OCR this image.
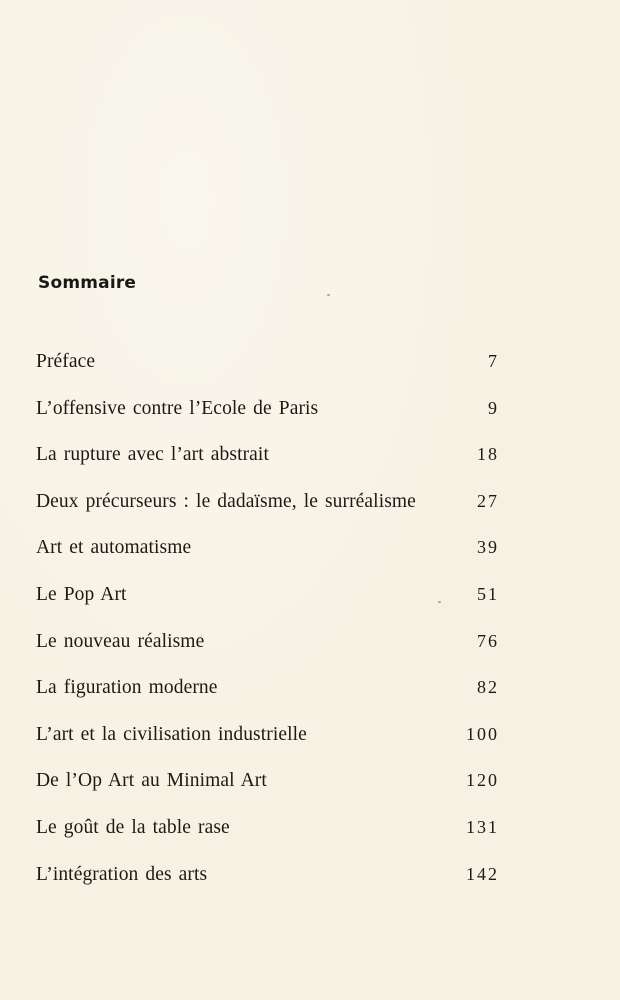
Sommaire
Préface	7
L’offensive contre l’Ecole de Paris	9
La rupture avec l’art abstrait	18
Deux précurseurs : le dadaïsme, le surréalisme	27
Art et automatisme	39
Le Pop Art	51
Le nouveau réalisme	76
La figuration moderne	82
L’art et la civilisation industrielle	100
De l’Op Art au Minimal Art	120
Le goût de la table rase	131
L’intégration des arts	142
